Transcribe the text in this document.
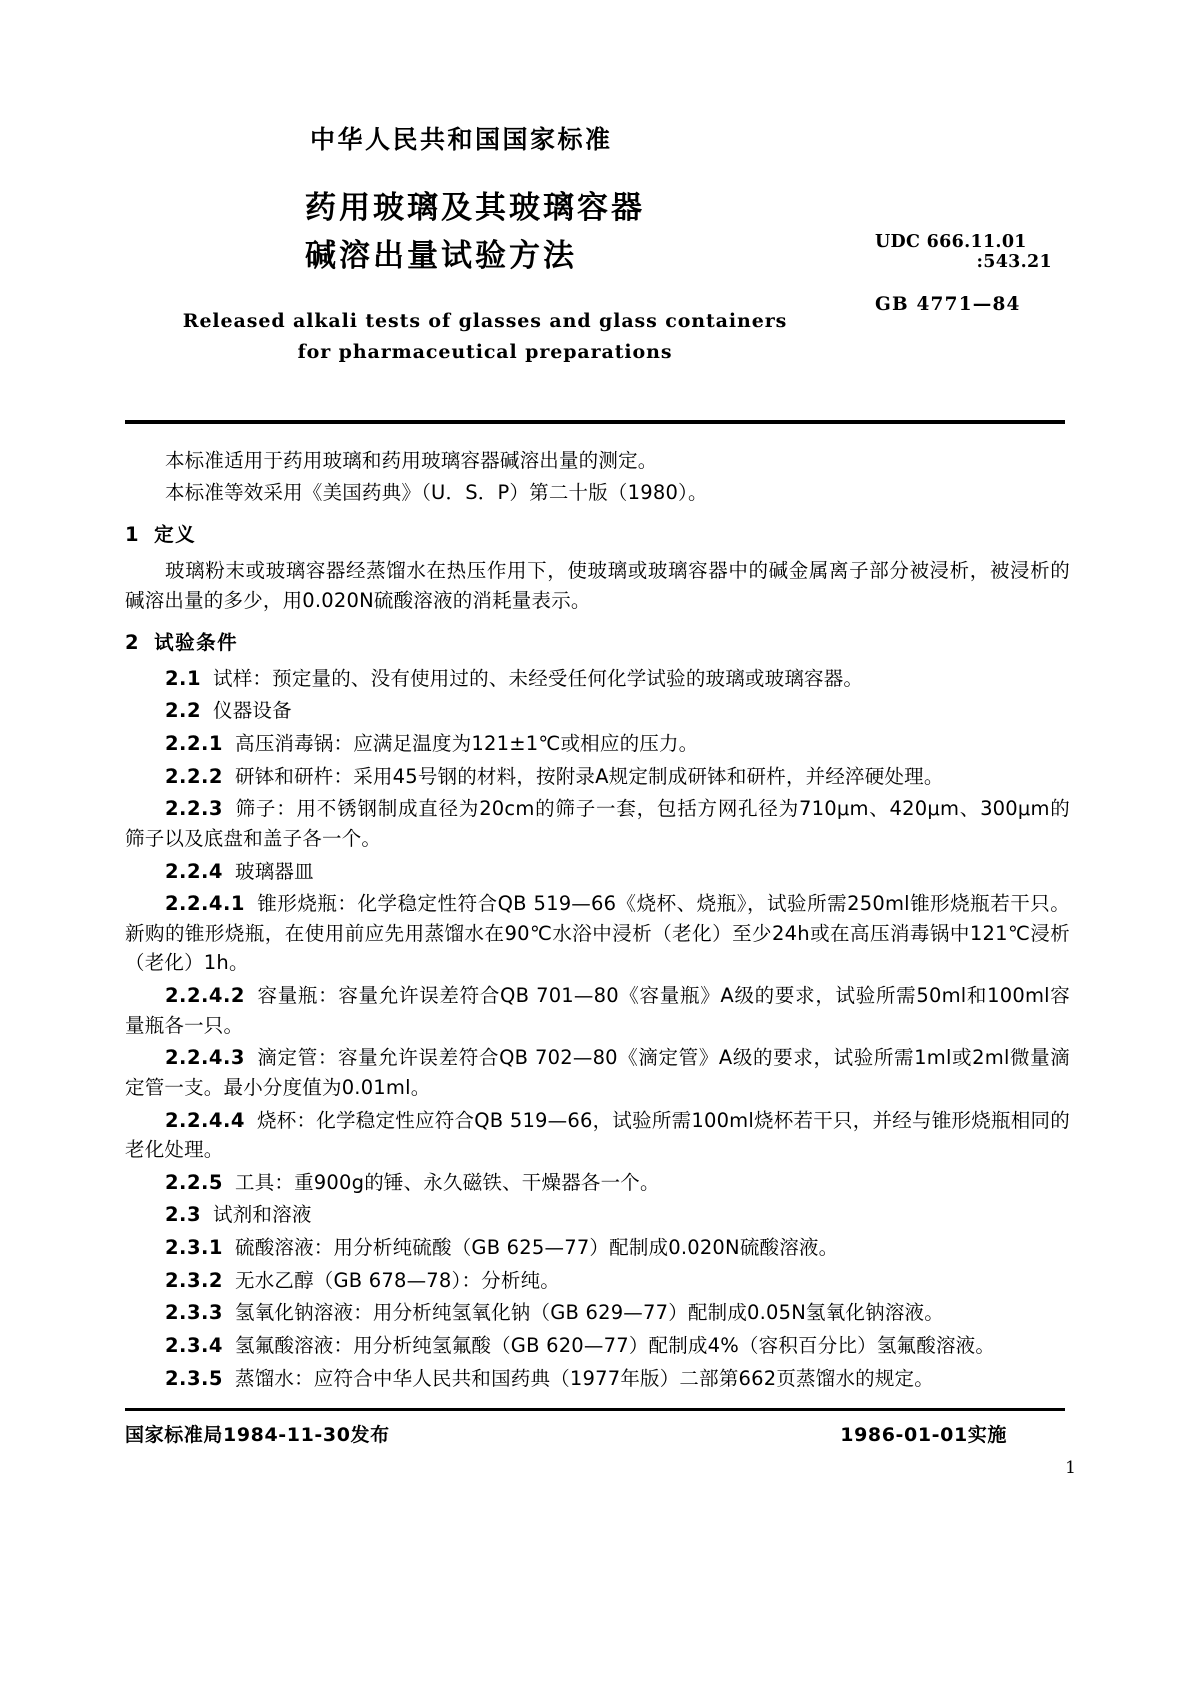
中华人民共和国国家标准
药用玻璃及其玻璃容器
碱溶出量试验方法	UDC 666.11.01
:543.21
GB 4771—84
Released alkali tests of glasses and glass containers
for pharmaceutical preparations

本标准适用于药用玻璃和药用玻璃容器碱溶出量的测定。

本标准等效采用《美国药典》（U．S．P）第二十版（1980）。

1 定义

玻璃粉末或玻璃容器经蒸馏水在热压作用下，使玻璃或玻璃容器中的碱金属离子部分被浸析，被浸析的碱溶出量的多少，用0.020N硫酸溶液的消耗量表示。

2 试验条件

2.1 试样：预定量的、没有使用过的、未经受任何化学试验的玻璃或玻璃容器。

2.2 仪器设备

2.2.1 高压消毒锅：应满足温度为121±1℃或相应的压力。

2.2.2 研钵和研杵：采用45号钢的材料，按附录A规定制成研钵和研杵，并经淬硬处理。

2.2.3 筛子：用不锈钢制成直径为20cm的筛子一套，包括方网孔径为710μm、420μm、300μm的筛子以及底盘和盖子各一个。

2.2.4 玻璃器皿

2.2.4.1 锥形烧瓶：化学稳定性符合QB 519—66《烧杯、烧瓶》，试验所需250ml锥形烧瓶若干只。新购的锥形烧瓶，在使用前应先用蒸馏水在90℃水浴中浸析（老化）至少24h或在高压消毒锅中121℃浸析（老化）1h。

2.2.4.2 容量瓶：容量允许误差符合QB 701—80《容量瓶》A级的要求，试验所需50ml和100ml容量瓶各一只。

2.2.4.3 滴定管：容量允许误差符合QB 702—80《滴定管》A级的要求，试验所需1ml或2ml微量滴定管一支。最小分度值为0.01ml。

2.2.4.4 烧杯：化学稳定性应符合QB 519—66，试验所需100ml烧杯若干只，并经与锥形烧瓶相同的老化处理。

2.2.5 工具：重900g的锤、永久磁铁、干燥器各一个。

2.3 试剂和溶液

2.3.1 硫酸溶液：用分析纯硫酸（GB 625—77）配制成0.020N硫酸溶液。

2.3.2 无水乙醇（GB 678—78）：分析纯。

2.3.3 氢氧化钠溶液：用分析纯氢氧化钠（GB 629—77）配制成0.05N氢氧化钠溶液。

2.3.4 氢氟酸溶液：用分析纯氢氟酸（GB 620—77）配制成4%（容积百分比）氢氟酸溶液。

2.3.5 蒸馏水：应符合中华人民共和国药典（1977年版）二部第662页蒸馏水的规定。

国家标准局1984-11-30发布	1986-01-01实施
1
